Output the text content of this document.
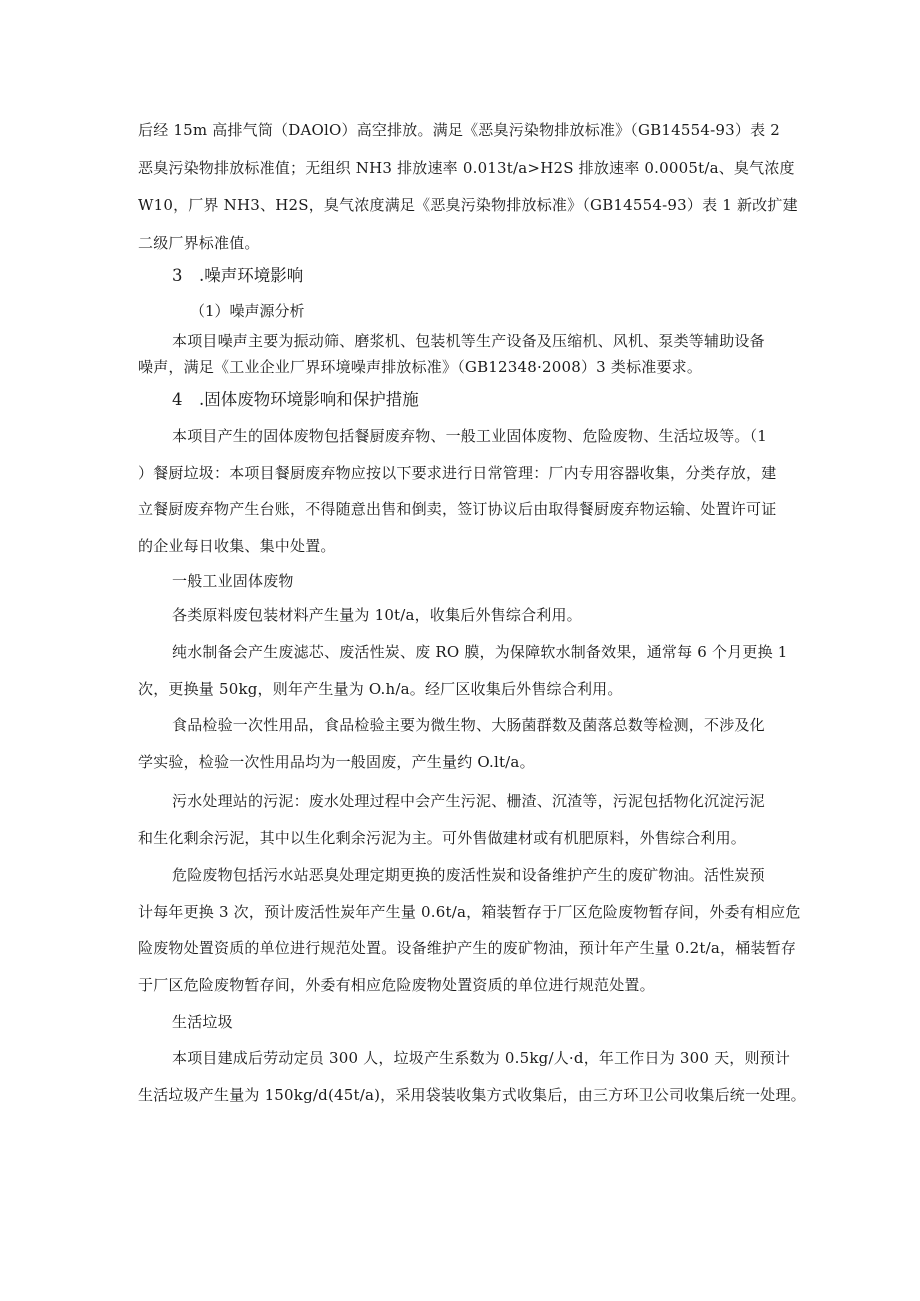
后经 15m 高排气筒（DAOlO）高空排放。满足《恶臭污染物排放标准》（GB14554-93）表 2
恶臭污染物排放标准值；无组织 NH3 排放速率 0.013t/a>H2S 排放速率 0.0005t/a、臭气浓度
W10，厂界 NH3、H2S，臭气浓度满足《恶臭污染物排放标准》（GB14554-93）表 1 新改扩建
二级厂界标准值。
3　.噪声环境影响
（1）噪声源分析
本项目噪声主要为振动筛、磨浆机、包装机等生产设备及压缩机、风机、泵类等辅助设备
噪声，满足《工业企业厂界环境噪声排放标准》（GB12348·2008）3 类标准要求。
4　.固体废物环境影响和保护措施
本项目产生的固体废物包括餐厨废弃物、一般工业固体废物、危险废物、生活垃圾等。（1
）餐厨垃圾：本项目餐厨废弃物应按以下要求进行日常管理：厂内专用容器收集，分类存放，建
立餐厨废弃物产生台账，不得随意出售和倒卖，签订协议后由取得餐厨废弃物运输、处置许可证
的企业每日收集、集中处置。
一般工业固体废物
各类原料废包装材料产生量为 10t/a，收集后外售综合利用。
纯水制备会产生废滤芯、废活性炭、废 RO 膜，为保障软水制备效果，通常每 6 个月更换 1
次，更换量 50kg，则年产生量为 O.h/a。经厂区收集后外售综合利用。
食品检验一次性用品，食品检验主要为微生物、大肠菌群数及菌落总数等检测，不涉及化
学实验，检验一次性用品均为一般固废，产生量约 O.lt/a。
污水处理站的污泥：废水处理过程中会产生污泥、栅渣、沉渣等，污泥包括物化沉淀污泥
和生化剩余污泥，其中以生化剩余污泥为主。可外售做建材或有机肥原料，外售综合利用。
危险废物包括污水站恶臭处理定期更换的废活性炭和设备维护产生的废矿物油。活性炭预
计每年更换 3 次，预计废活性炭年产生量 0.6t/a，箱装暂存于厂区危险废物暂存间，外委有相应危
险废物处置资质的单位进行规范处置。设备维护产生的废矿物油，预计年产生量 0.2t/a，桶装暂存
于厂区危险废物暂存间，外委有相应危险废物处置资质的单位进行规范处置。
生活垃圾
本项目建成后劳动定员 300 人，垃圾产生系数为 0.5kg/人·d，年工作日为 300 天，则预计
生活垃圾产生量为 150kg/d(45t/a)，采用袋装收集方式收集后，由三方环卫公司收集后统一处理。
